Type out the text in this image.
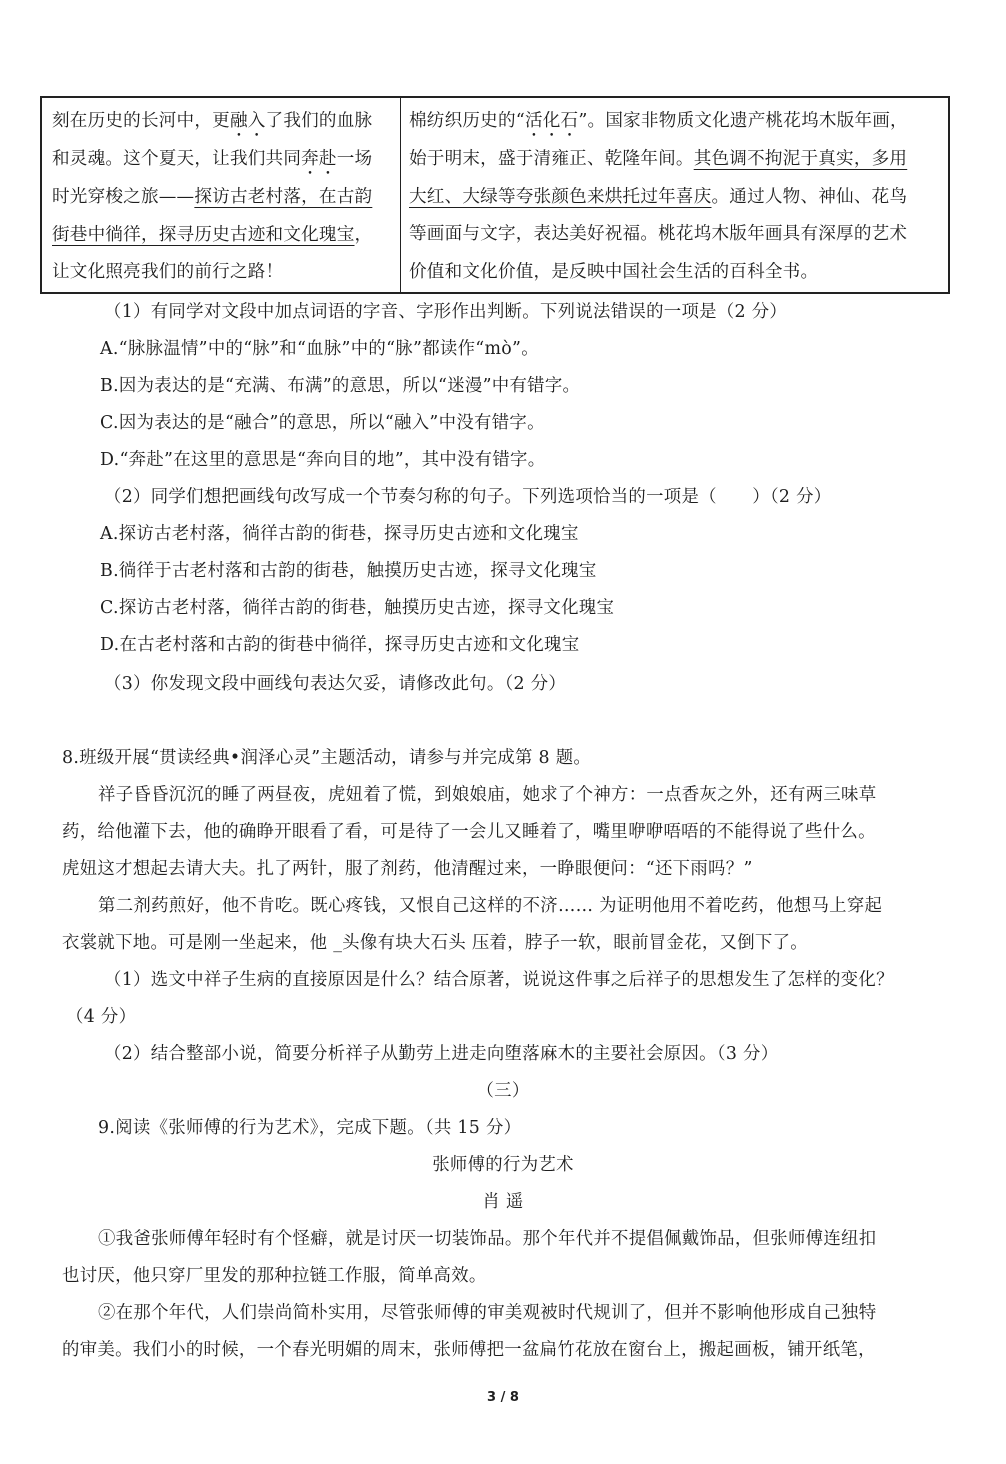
刻在历史的长河中，更融入了我们的血脉
和灵魂。这个夏天，让我们共同奔赴一场
时光穿梭之旅——探访古老村落，在古韵
街巷中徜徉，探寻历史古迹和文化瑰宝，
让文化照亮我们的前行之路！
棉纺织历史的“活化石”。国家非物质文化遗产桃花坞木版年画，
始于明末，盛于清雍正、乾隆年间。其色调不拘泥于真实，多用
大红、大绿等夸张颜色来烘托过年喜庆。通过人物、神仙、花鸟
等画面与文字，表达美好祝福。桃花坞木版年画具有深厚的艺术
价值和文化价值，是反映中国社会生活的百科全书。
（1）有同学对文段中加点词语的字音、字形作出判断。下列说法错误的一项是（2 分）
A.“脉脉温情”中的“脉”和“血脉”中的“脉”都读作“mò”。
B.因为表达的是“充满、布满”的意思，所以“迷漫”中有错字。
C.因为表达的是“融合”的意思，所以“融入”中没有错字。
D.“奔赴”在这里的意思是“奔向目的地”，其中没有错字。
（2）同学们想把画线句改写成一个节奏匀称的句子。下列选项恰当的一项是（　　）（2 分）
A.探访古老村落，徜徉古韵的街巷，探寻历史古迹和文化瑰宝
B.徜徉于古老村落和古韵的街巷，触摸历史古迹，探寻文化瑰宝
C.探访古老村落，徜徉古韵的街巷，触摸历史古迹，探寻文化瑰宝
D.在古老村落和古韵的街巷中徜徉，探寻历史古迹和文化瑰宝
（3）你发现文段中画线句表达欠妥，请修改此句。（2 分）
8.班级开展“贯读经典•润泽心灵”主题活动，请参与并完成第 8 题。
祥子昏昏沉沉的睡了两昼夜，虎妞着了慌，到娘娘庙，她求了个神方：一点香灰之外，还有两三味草
药，给他灌下去，他的确睁开眼看了看，可是待了一会儿又睡着了，嘴里咿咿唔唔的不能得说了些什么。
虎妞这才想起去请大夫。扎了两针，服了剂药，他清醒过来，一睁眼便问：“还下雨吗？”
第二剂药煎好，他不肯吃。既心疼钱，又恨自己这样的不济…… 为证明他用不着吃药，他想马上穿起
衣裳就下地。可是刚一坐起来，他 _头像有块大石头 压着，脖子一软，眼前冒金花，又倒下了。
（1）选文中祥子生病的直接原因是什么？结合原著，说说这件事之后祥子的思想发生了怎样的变化？
（4 分）
（2）结合整部小说，简要分析祥子从勤劳上进走向堕落麻木的主要社会原因。（3 分）
（三）
9.阅读《张师傅的行为艺术》，完成下题。（共 15 分）
张师傅的行为艺术
肖 遥
①我爸张师傅年轻时有个怪癖，就是讨厌一切装饰品。那个年代并不提倡佩戴饰品，但张师傅连纽扣
也讨厌，他只穿厂里发的那种拉链工作服，简单高效。
②在那个年代，人们崇尚简朴实用，尽管张师傅的审美观被时代规训了，但并不影响他形成自己独特
的审美。我们小的时候，一个春光明媚的周末，张师傅把一盆扁竹花放在窗台上，搬起画板，铺开纸笔，
3 / 8
